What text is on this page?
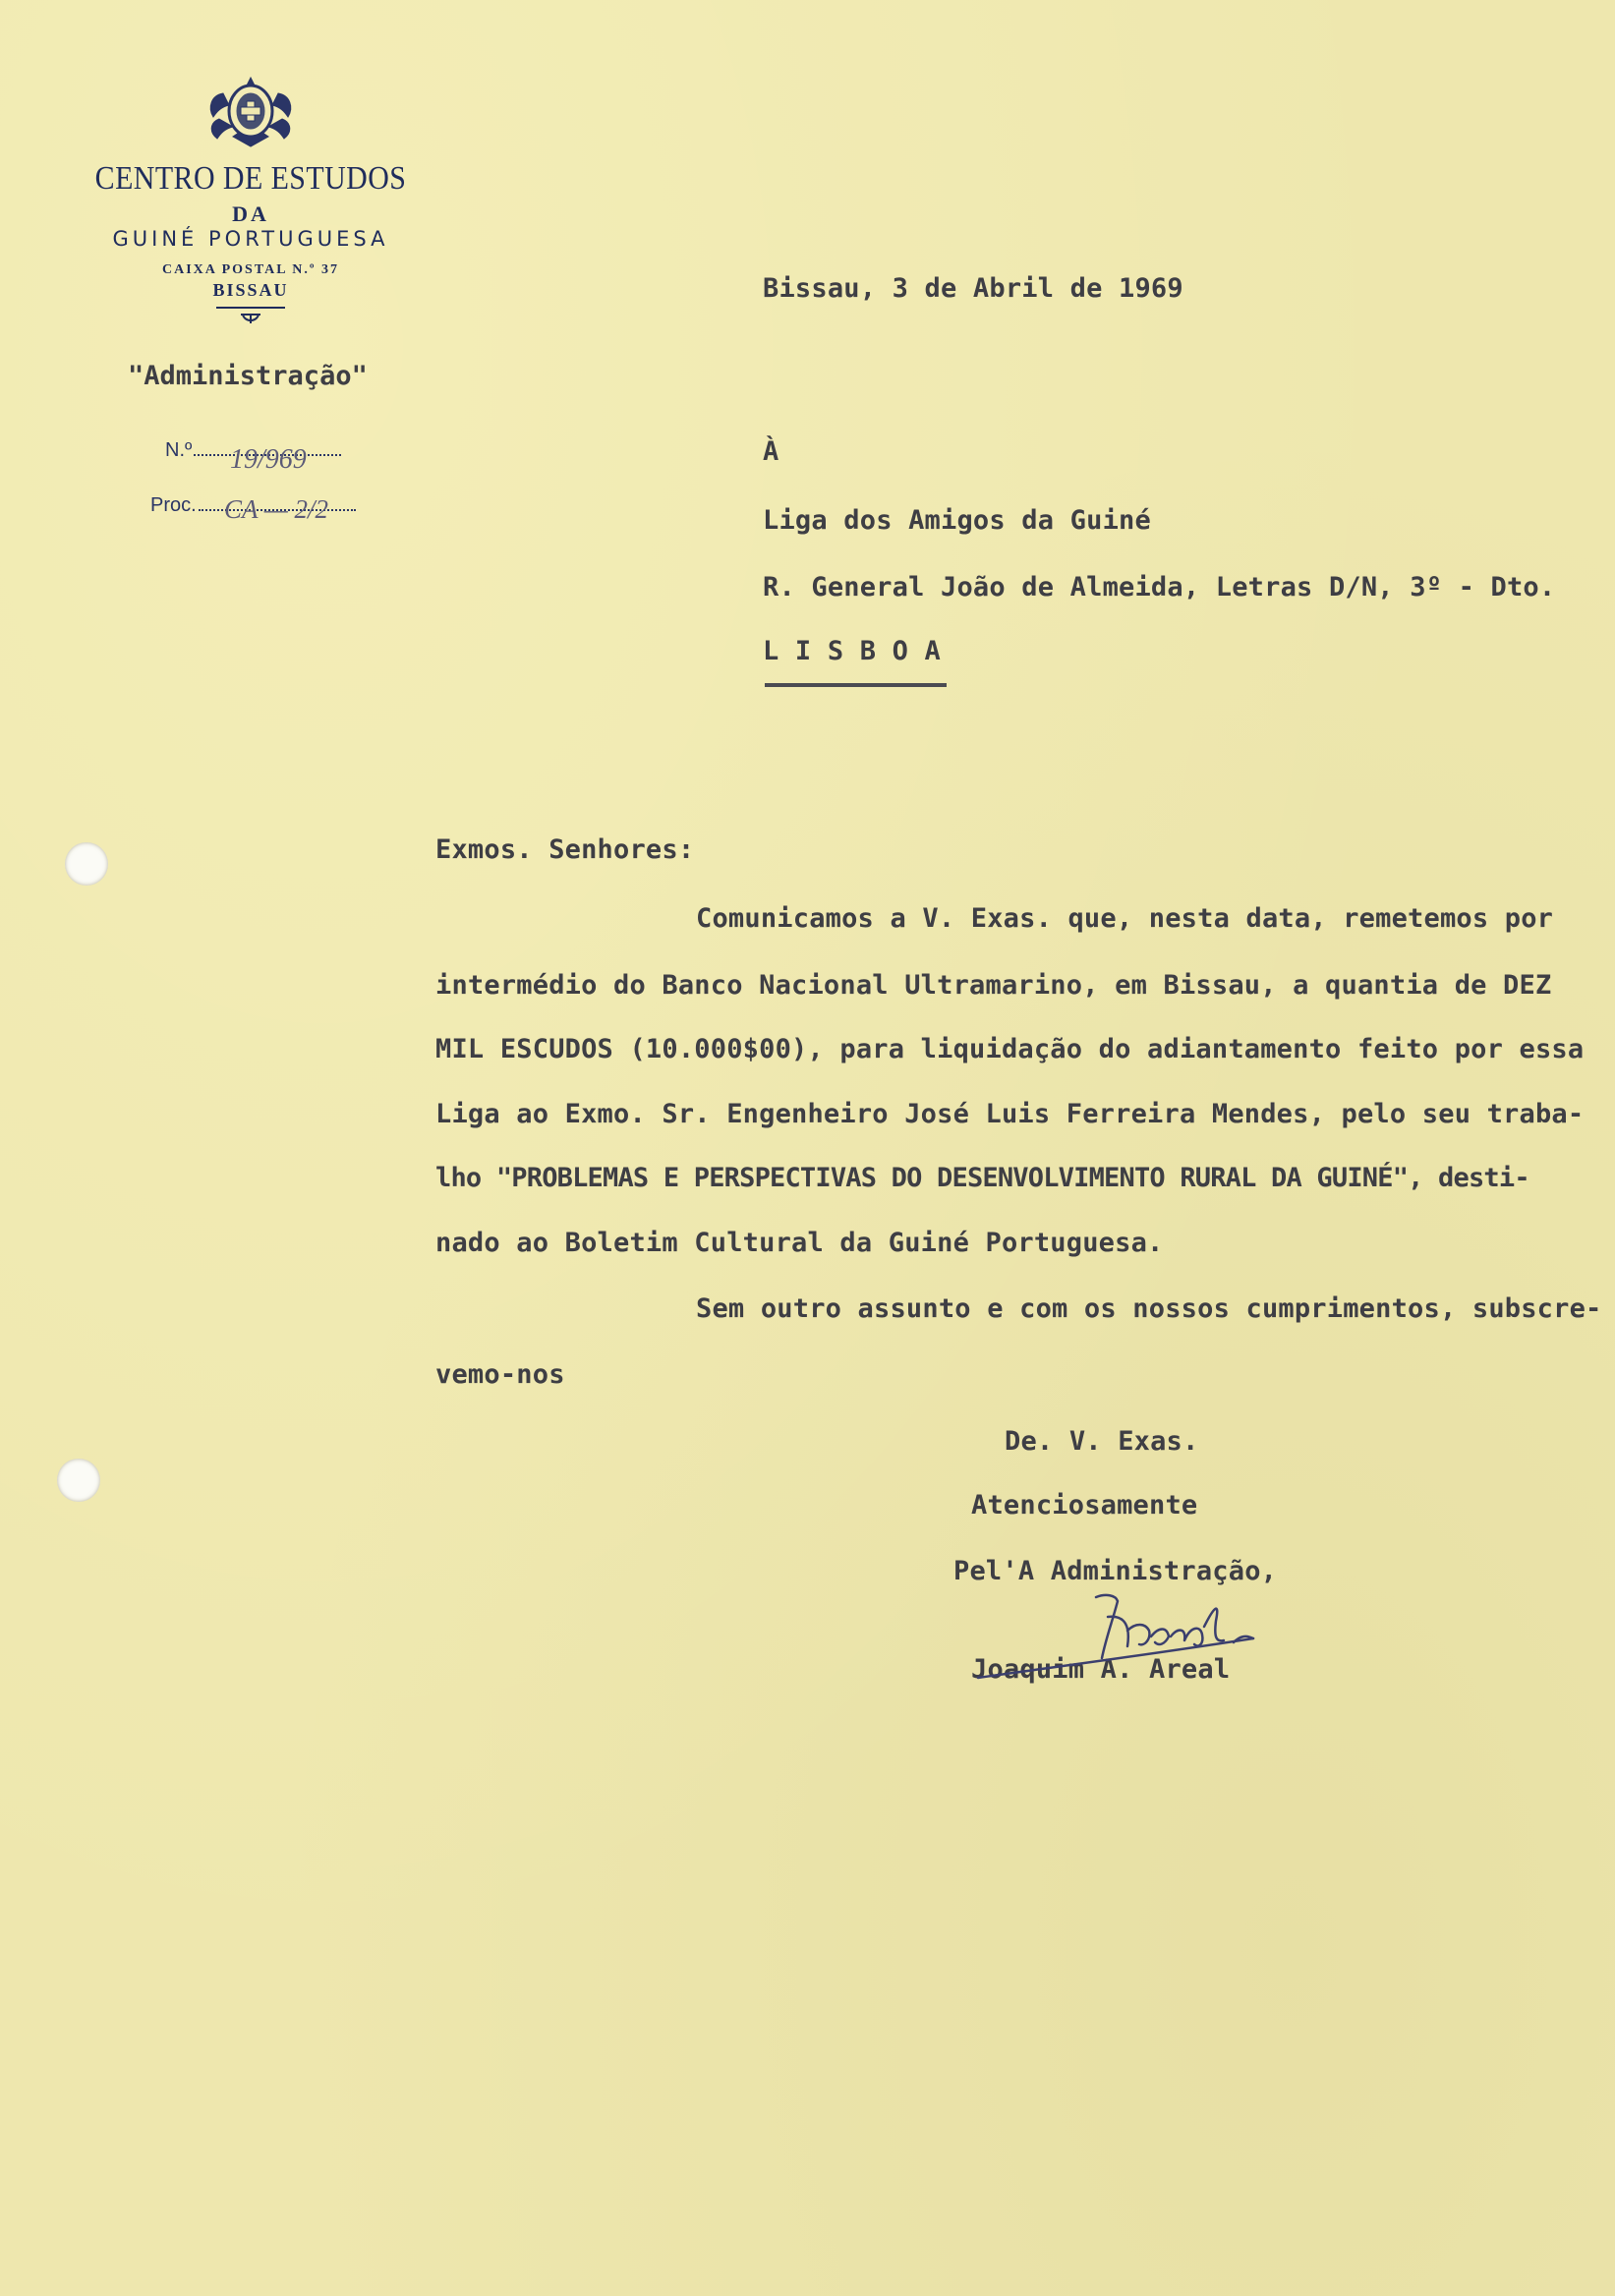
CENTRO DE ESTUDOS
DA
GUINÉ PORTUGUESA
CAIXA POSTAL N.º 37
BISSAU
"Administração"
N.º	19/969
Proc.	CA — 2/2
Bissau, 3 de Abril de 1969
À
Liga dos Amigos da Guiné
R. General João de Almeida, Letras D/N, 3º - Dto.
L I S B O A
Exmos. Senhores:
Comunicamos a V. Exas. que, nesta data, remetemos por
intermédio do Banco Nacional Ultramarino, em Bissau, a quantia de DEZ
MIL ESCUDOS (10.000$00), para liquidação do adiantamento feito por essa
Liga ao Exmo. Sr. Engenheiro José Luis Ferreira Mendes, pelo seu traba-
lho "PROBLEMAS E PERSPECTIVAS DO DESENVOLVIMENTO RURAL DA GUINÉ", desti-
nado ao Boletim Cultural da Guiné Portuguesa.
Sem outro assunto e com os nossos cumprimentos, subscre-
vemo-nos
De. V. Exas.
Atenciosamente
Pel'A Administração,
Joaquim A. Areal
